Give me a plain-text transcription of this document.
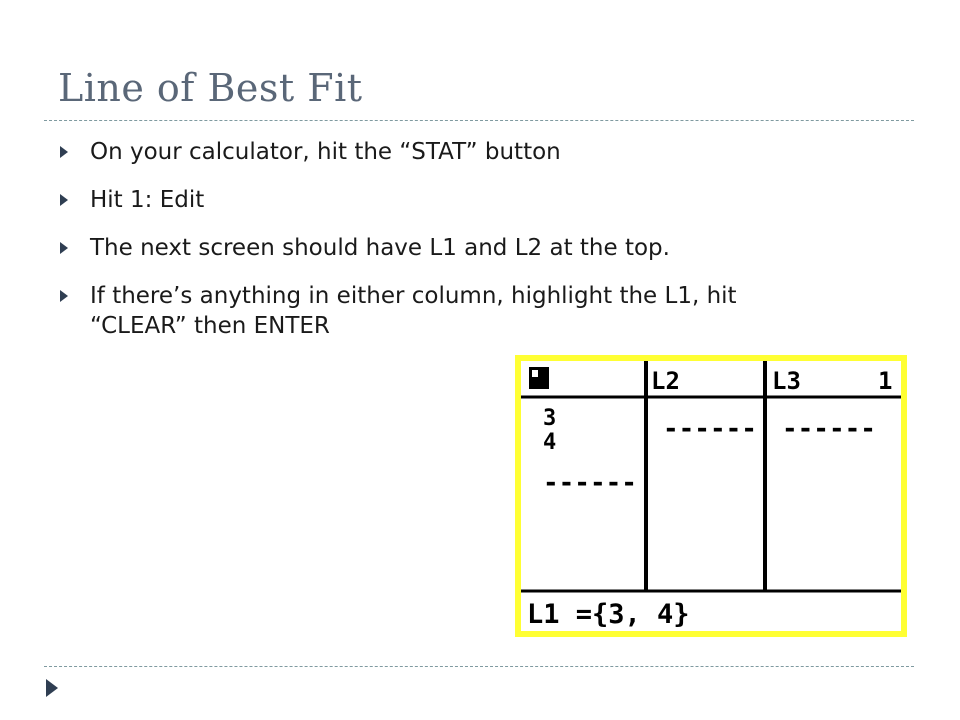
Line of Best Fit
On your calculator, hit the “STAT” button
Hit 1: Edit
The next screen should have L1 and L2 at the top.
If there’s anything in either column, highlight the L1, hit
“CLEAR” then ENTER
L2	L3	1
3
4
------
------ ------
L1 ={3, 4}
